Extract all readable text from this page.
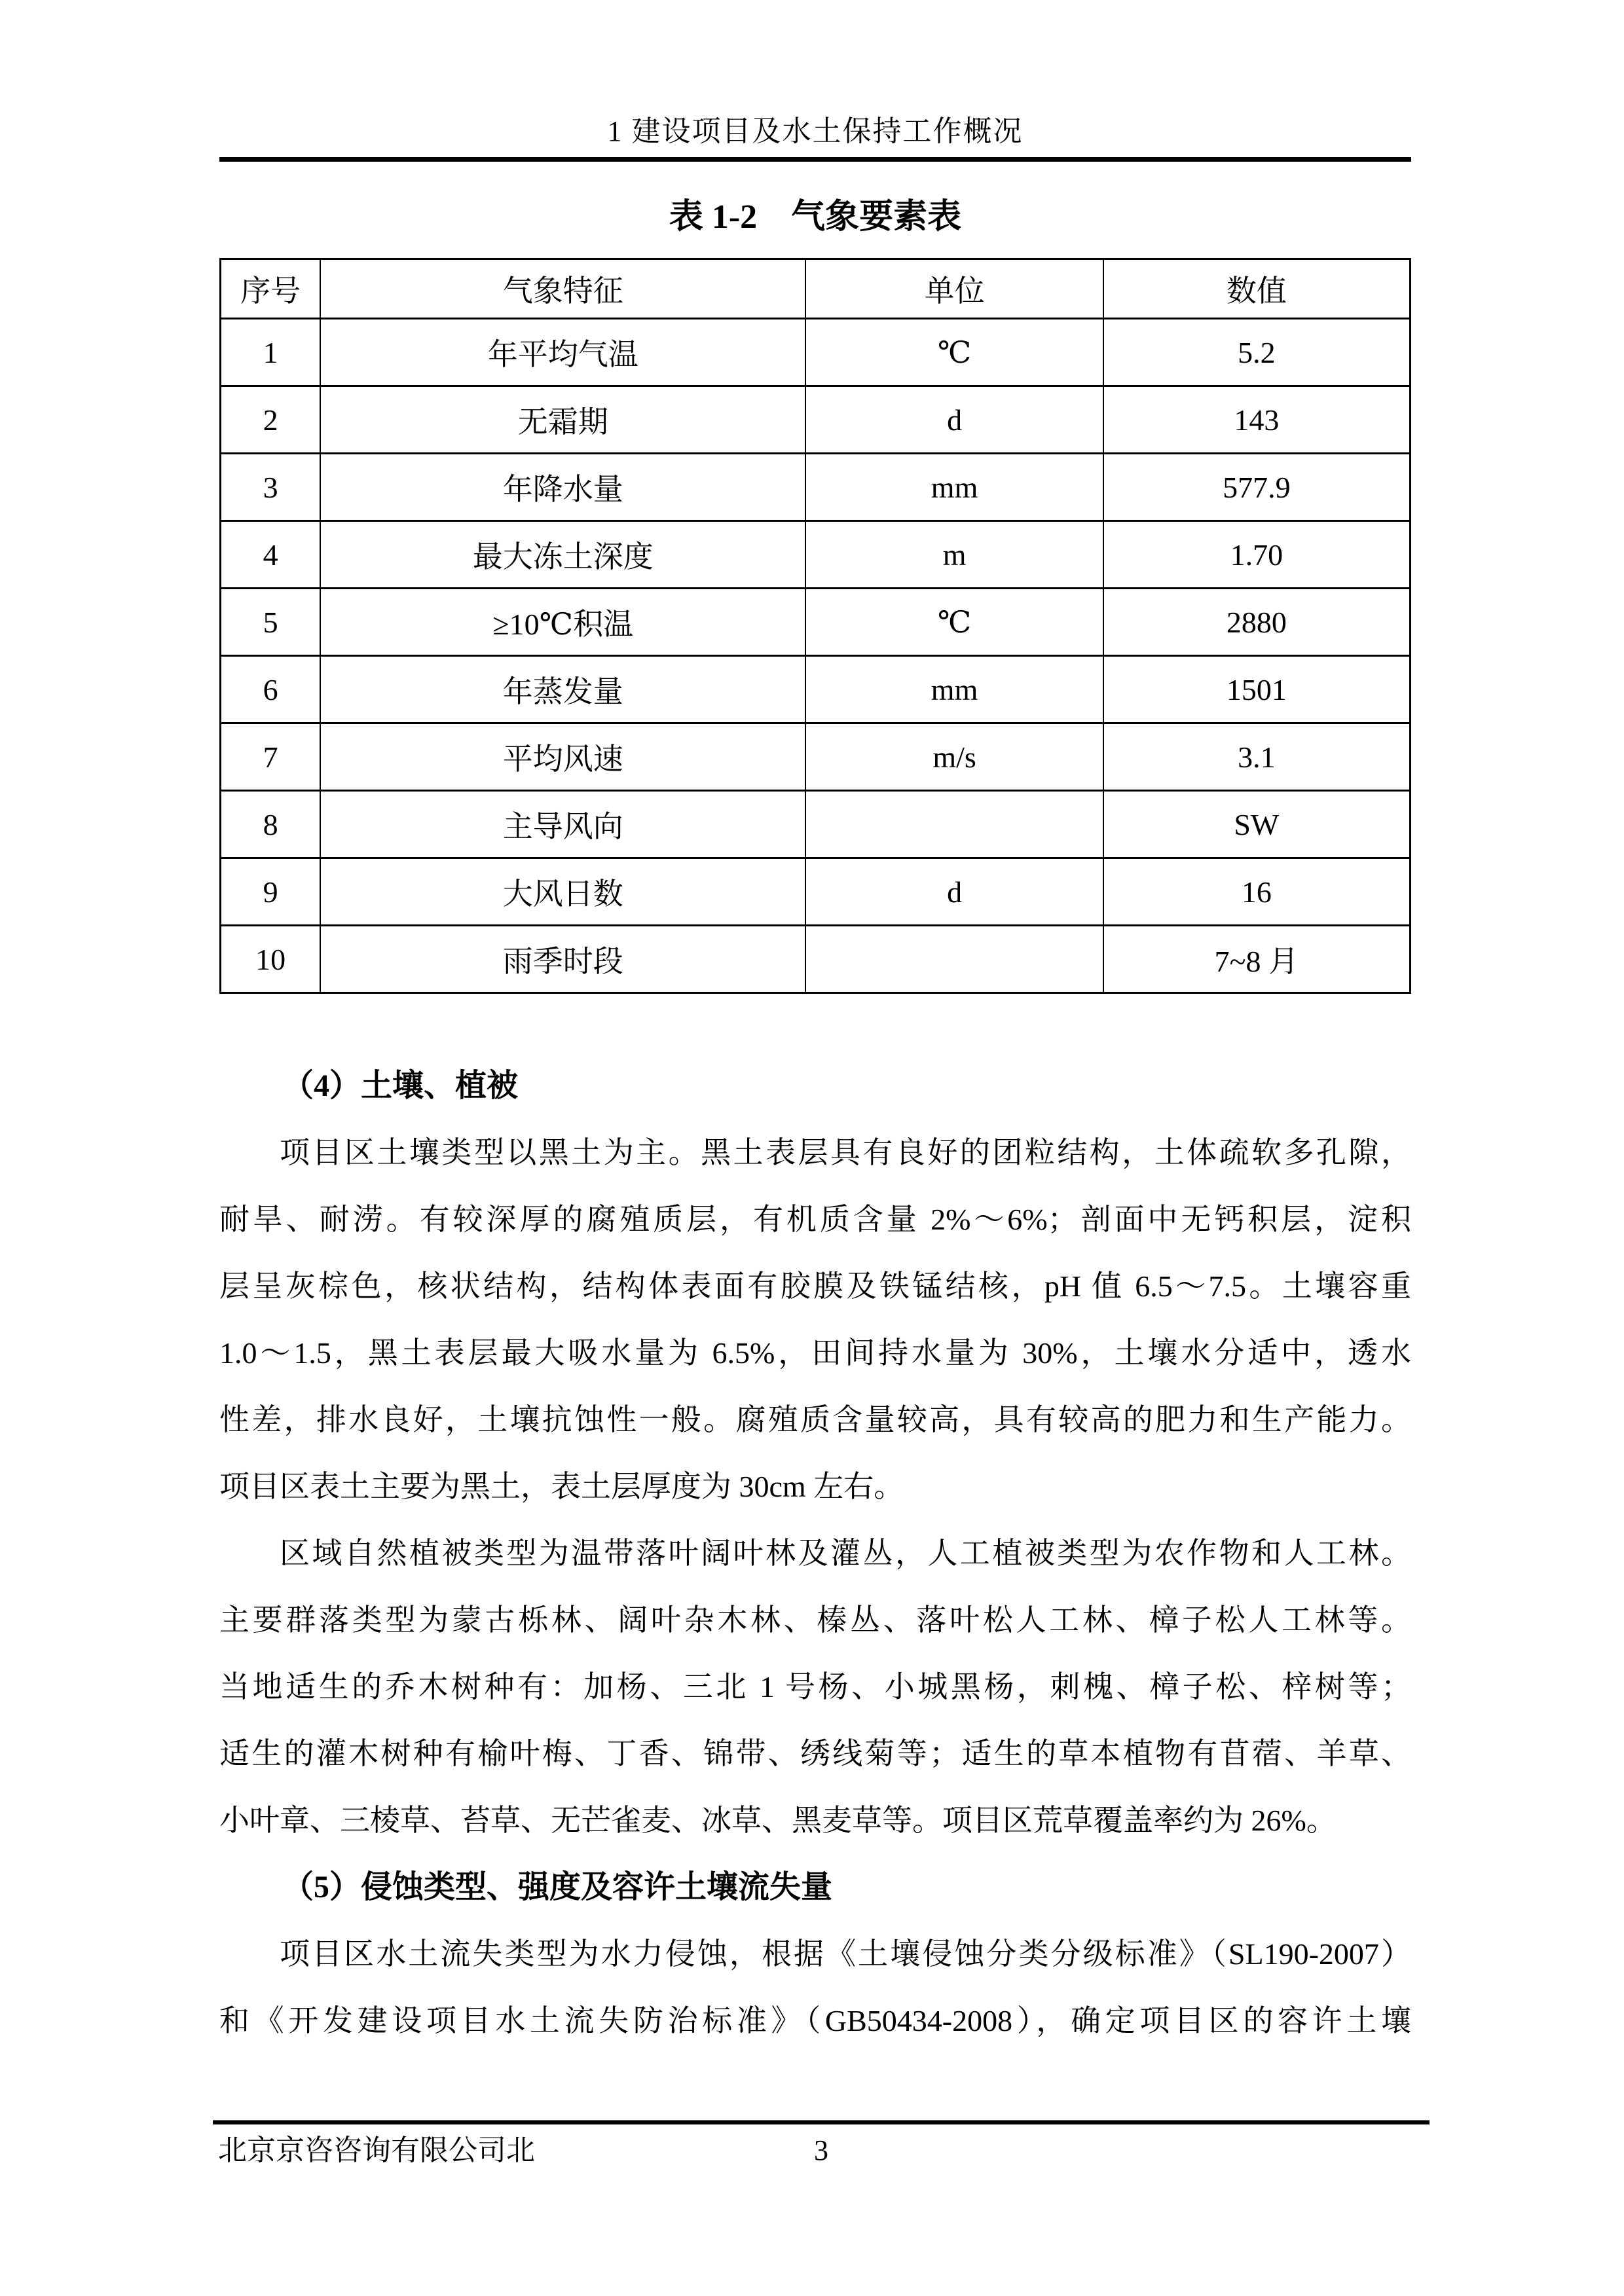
1 建设项目及水土保持工作概况
表 1-2　气象要素表
序号	气象特征	单位	数值
1	年平均气温	℃	5.2
2	无霜期	d	143
3	年降水量	mm	577.9
4	最大冻土深度	m	1.70
5	≥10℃积温	℃	2880
6	年蒸发量	mm	1501
7	平均风速	m/s	3.1
8	主导风向		SW
9	大风日数	d	16
10	雨季时段		7~8 月
（4）土壤、植被
项目区土壤类型以黑土为主。黑土表层具有良好的团粒结构，土体疏软多孔隙，
耐旱、耐涝。有较深厚的腐殖质层，有机质含量 2%～6%；剖面中无钙积层，淀积
层呈灰棕色，核状结构，结构体表面有胶膜及铁锰结核，pH 值 6.5～7.5。土壤容重
1.0～1.5，黑土表层最大吸水量为 6.5%，田间持水量为 30%，土壤水分适中，透水
性差，排水良好，土壤抗蚀性一般。腐殖质含量较高，具有较高的肥力和生产能力。
项目区表土主要为黑土，表土层厚度为 30cm 左右。
区域自然植被类型为温带落叶阔叶林及灌丛，人工植被类型为农作物和人工林。
主要群落类型为蒙古栎林、阔叶杂木林、榛丛、落叶松人工林、樟子松人工林等。
当地适生的乔木树种有：加杨、三北 1 号杨、小城黑杨，刺槐、樟子松、梓树等；
适生的灌木树种有榆叶梅、丁香、锦带、绣线菊等；适生的草本植物有苜蓿、羊草、
小叶章、三棱草、苔草、无芒雀麦、冰草、黑麦草等。项目区荒草覆盖率约为 26%。
（5）侵蚀类型、强度及容许土壤流失量
项目区水土流失类型为水力侵蚀，根据《土壤侵蚀分类分级标准》（SL190-2007）
和《开发建设项目水土流失防治标准》（GB50434-2008），确定项目区的容许土壤
北京京咨咨询有限公司北	3
